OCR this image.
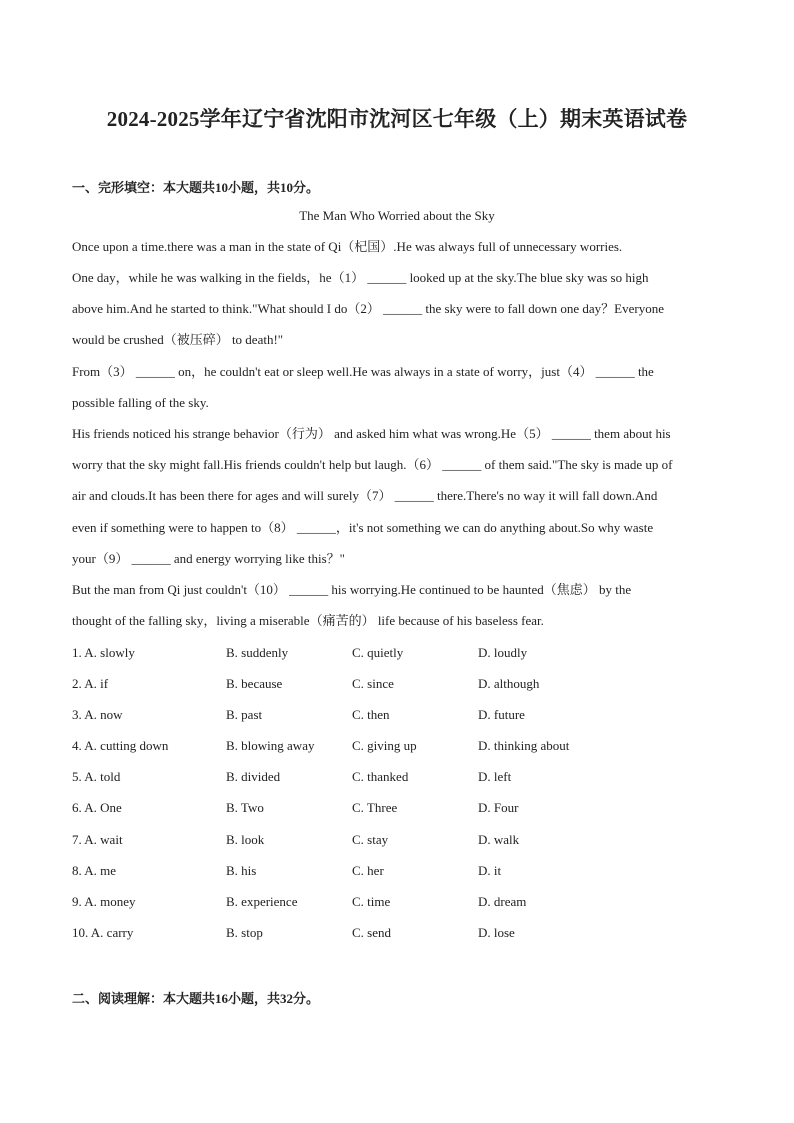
2024-2025学年辽宁省沈阳市沈河区七年级（上）期末英语试卷
一、完形填空：本大题共10小题，共10分。
The Man Who Worried about the Sky
Once upon a time.there was a man in the state of Qi（杞国）.He was always full of unnecessary worries.
One day，while he was walking in the fields，he（1） ______ looked up at the sky.The blue sky was so high
above him.And he started to think."What should I do（2） ______ the sky were to fall down one day？Everyone
would be crushed（被压碎） to death!"
From（3） ______ on，he couldn't eat or sleep well.He was always in a state of worry，just（4） ______ the
possible falling of the sky.
His friends noticed his strange behavior（行为） and asked him what was wrong.He（5） ______ them about his
worry that the sky might fall.His friends couldn't help but laugh.（6） ______ of them said."The sky is made up of
air and clouds.It has been there for ages and will surely（7） ______ there.There's no way it will fall down.And
even if something were to happen to（8） ______，it's not something we can do anything about.So why waste
your（9） ______ and energy worrying like this？"
But the man from Qi just couldn't（10） ______ his worrying.He continued to be haunted（焦虑） by the
thought of the falling sky，living a miserable（痛苦的） life because of his baseless fear.
1. A. slowly	B. suddenly	C. quietly	D. loudly
2. A. if	B. because	C. since	D. although
3. A. now	B. past	C. then	D. future
4. A. cutting down	B. blowing away	C. giving up	D. thinking about
5. A. told	B. divided	C. thanked	D. left
6. A. One	B. Two	C. Three	D. Four
7. A. wait	B. look	C. stay	D. walk
8. A. me	B. his	C. her	D. it
9. A. money	B. experience	C. time	D. dream
10. A. carry	B. stop	C. send	D. lose
二、阅读理解：本大题共16小题，共32分。
